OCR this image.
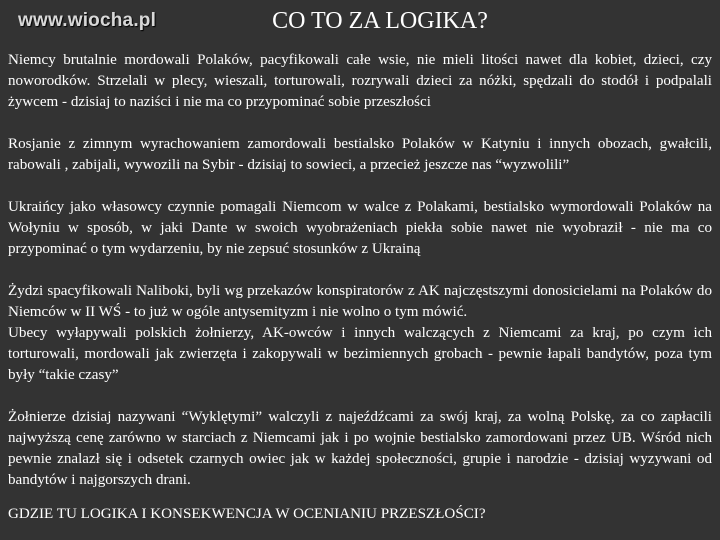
www.wiocha.pl	CO TO ZA LOGIKA?

Niemcy brutalnie mordowali Polaków, pacyfikowali całe wsie, nie mieli litości nawet dla kobiet, dzieci, czy noworodków. Strzelali w plecy, wieszali, torturowali, rozrywali dzieci za nóżki, spędzali do stodół i podpalali żywcem - dzisiaj to naziści i nie ma co przypominać sobie przeszłości

Rosjanie z zimnym wyrachowaniem zamordowali bestialsko Polaków w Katyniu i innych obozach, gwałcili, rabowali , zabijali, wywozili na Sybir - dzisiaj to sowieci, a przecież jeszcze nas “wyzwolili”

Ukraińcy jako własowcy czynnie pomagali Niemcom w walce z Polakami, bestialsko wymordowali Polaków na Wołyniu w sposób, w jaki Dante w swoich wyobrażeniach piekła sobie nawet nie wyobraził - nie ma co przypominać o tym wydarzeniu, by nie zepsuć stosunków z Ukrainą

Żydzi spacyfikowali Naliboki, byli wg przekazów konspiratorów z AK najczęstszymi donosicielami na Polaków do Niemców w II WŚ - to już w ogóle antysemityzm i nie wolno o tym mówić.

Ubecy wyłapywali polskich żołnierzy, AK-owców i innych walczących z Niemcami za kraj, po czym ich torturowali, mordowali jak zwierzęta i zakopywali w bezimiennych grobach - pewnie łapali bandytów, poza tym były “takie czasy”

Żołnierze dzisiaj nazywani “Wyklętymi” walczyli z najeźdźcami za swój kraj, za wolną Polskę, za co zapłacili najwyższą cenę zarówno w starciach z Niemcami jak i po wojnie bestialsko zamordowani przez UB. Wśród nich pewnie znalazł się i odsetek czarnych owiec jak w każdej społeczności, grupie i narodzie - dzisiaj wyzywani od bandytów i najgorszych drani.

GDZIE TU LOGIKA I KONSEKWENCJA W OCENIANIU PRZESZŁOŚCI?
